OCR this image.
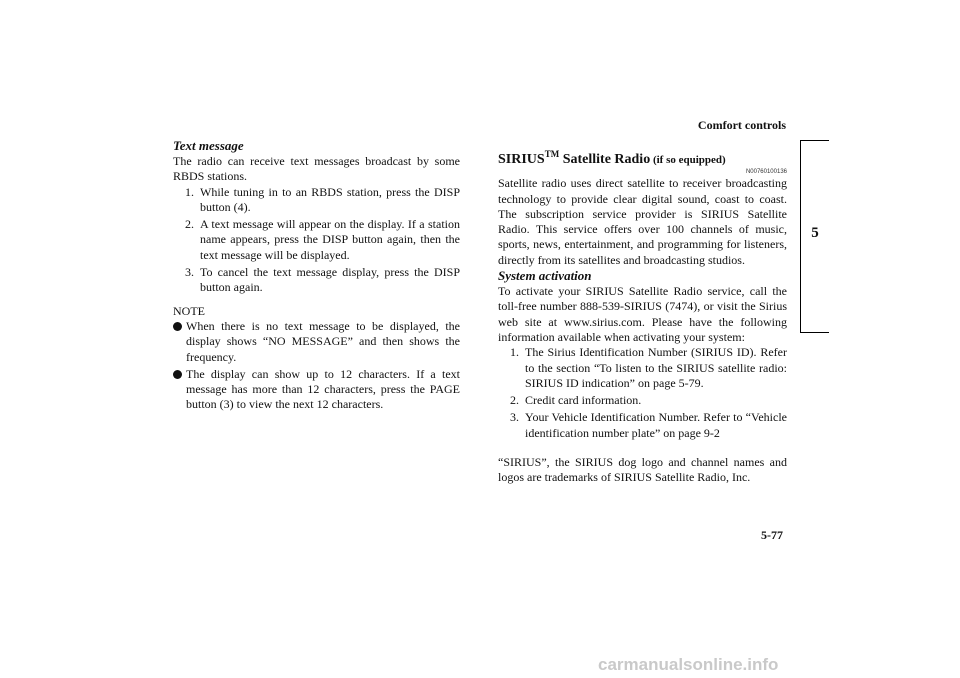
Comfort controls
5
Text message

The radio can receive text messages broadcast by some RBDS stations.

1. While tuning in to an RBDS station, press the DISP button (4).
2. A text message will appear on the display. If a station name appears, press the DISP button again, then the text message will be displayed.
3. To cancel the text message display, press the DISP button again.
NOTE
When there is no text message to be displayed, the display shows “NO MESSAGE” and then shows the frequency.
The display can show up to 12 characters. If a text message has more than 12 characters, press the PAGE button (3) to view the next 12 characters.
SIRIUS™ Satellite Radio (if so equipped)
N00760100136

Satellite radio uses direct satellite to receiver broadcasting technology to provide clear digital sound, coast to coast. The subscription service provider is SIRIUS Satellite Radio. This service offers over 100 channels of music, sports, news, entertainment, and programming for listeners, directly from its satellites and broadcasting studios.

System activation

To activate your SIRIUS Satellite Radio service, call the toll-free number 888-539-SIRIUS (7474), or visit the Sirius web site at www.sirius.com. Please have the following information available when activating your system:

1. The Sirius Identification Number (SIRIUS ID). Refer to the section “To listen to the SIRIUS satellite radio: SIRIUS ID indication” on page 5-79.
2. Credit card information.
3. Your Vehicle Identification Number. Refer to “Vehicle identification number plate” on page 9-2

“SIRIUS”, the SIRIUS dog logo and channel names and logos are trademarks of SIRIUS Satellite Radio, Inc.

5-77
carmanualsonline.info
